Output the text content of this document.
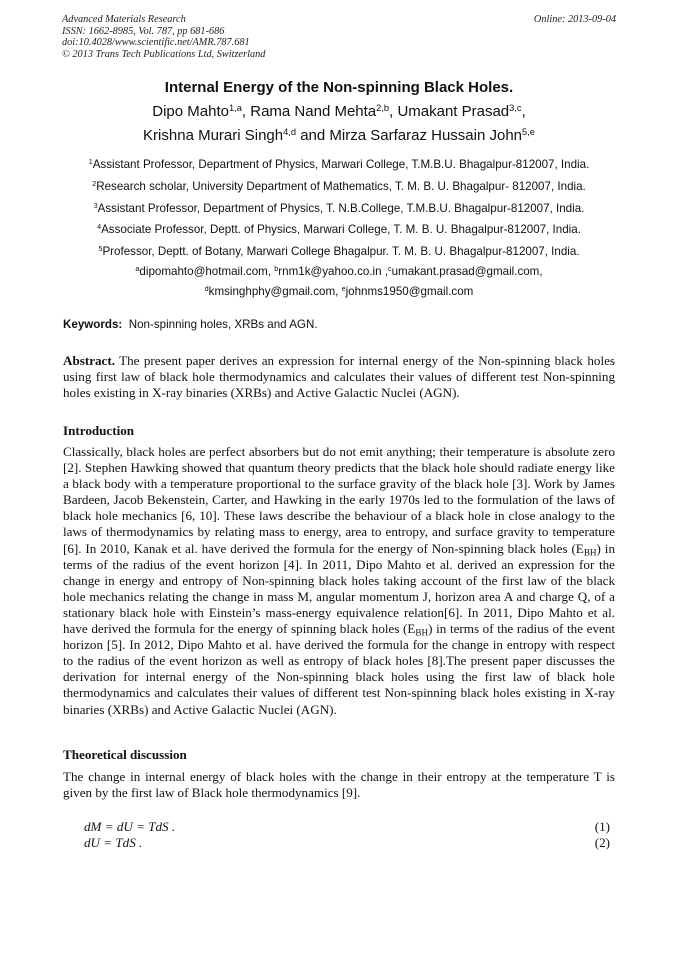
Advanced Materials Research
ISSN: 1662-8985, Vol. 787, pp 681-686
doi:10.4028/www.scientific.net/AMR.787.681
© 2013 Trans Tech Publications Ltd, Switzerland
Online: 2013-09-04
Internal Energy of the Non-spinning Black Holes.
Dipo Mahto$^{1,a}$, Rama Nand Mehta$^{2,b}$, Umakant Prasad$^{3,c}$,
Krishna Murari Singh$^{4,d}$ and Mirza Sarfaraz Hussain John$^{5,e}$
$^1$Assistant Professor, Department of Physics, Marwari College, T.M.B.U. Bhagalpur-812007, India.
$^2$Research scholar, University Department of Mathematics, T. M. B. U. Bhagalpur- 812007, India.
$^3$Assistant Professor, Department of Physics, T. N.B.College, T.M.B.U. Bhagalpur-812007, India.
$^4$Associate Professor, Deptt. of Physics, Marwari College, T. M. B. U. Bhagalpur-812007, India.
$^5$Professor, Deptt. of Botany, Marwari College Bhagalpur. T. M. B. U. Bhagalpur-812007, India.
$^a$dipomahto@hotmail.com, $^b$rnm1k@yahoo.co.in ,$^c$umakant.prasad@gmail.com,
$^d$kmsinghphy@gmail.com, $^e$johnms1950@gmail.com
Keywords:  Non-spinning holes, XRBs and AGN.
Abstract. The present paper derives an expression for internal energy of the Non-spinning black holes using first law of black hole thermodynamics and calculates their values of different test Non-spinning holes existing in X-ray binaries (XRBs) and Active Galactic Nuclei (AGN).
Introduction
Classically, black holes are perfect absorbers but do not emit anything; their temperature is absolute zero [2]. Stephen Hawking showed that quantum theory predicts that the black hole should radiate energy like a black body with a temperature proportional to the surface gravity of the black hole [3]. Work by James Bardeen, Jacob Bekenstein, Carter, and Hawking in the early 1970s led to the formulation of the laws of black hole mechanics [6, 10]. These laws describe the behaviour of a black hole in close analogy to the laws of thermodynamics by relating mass to energy, area to entropy, and surface gravity to temperature [6]. In 2010, Kanak et al. have derived the formula for the energy of Non-spinning black holes $(E_{BH})$ in terms of the radius of the event horizon [4]. In 2011, Dipo Mahto et al. derived an expression for the change in energy and entropy of Non-spinning black holes taking account of the first law of the black hole mechanics relating the change in mass M, angular momentum J, horizon area A and charge Q, of a stationary black hole with Einstein’s mass-energy equivalence relation[6]. In 2011, Dipo Mahto et al. have derived the formula for the energy of spinning black holes $(E_{BH})$ in terms of the radius of the event horizon [5]. In 2012, Dipo Mahto et al. have derived the formula for the change in entropy with respect to the radius of the event horizon as well as entropy of black holes [8].The present paper discusses the derivation for internal energy of the Non-spinning black holes using the first law of black hole thermodynamics and calculates their values of different test Non-spinning black holes existing in X-ray binaries (XRBs) and Active Galactic Nuclei (AGN).
Theoretical discussion
The change in internal energy of black holes with the change in their entropy at the temperature T is given by the first law of Black hole thermodynamics [9].
dM = dU = TdS .	(1)
dU = TdS .	(2)
